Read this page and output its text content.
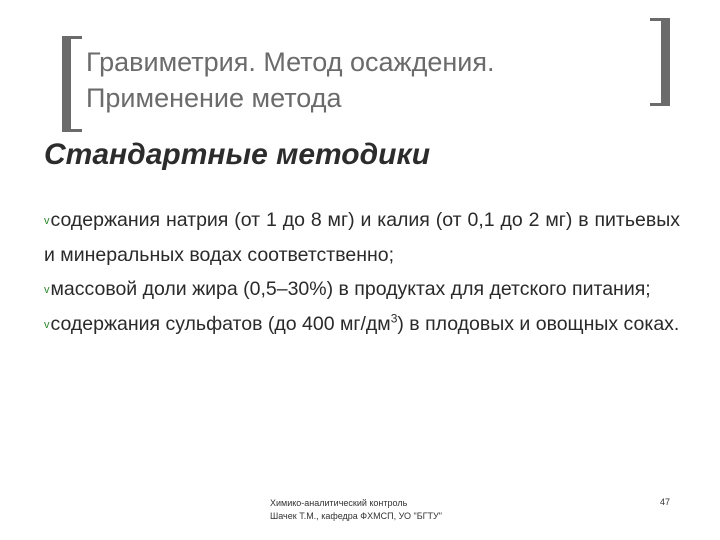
Гравиметрия. Метод осаждения.
Применение метода
Стандартные методики
vсодержания натрия (от 1 до 8 мг) и калия (от 0,1 до 2 мг) в питьевых и минеральных водах соответственно;
vмассовой доли жира (0,5–30%) в продуктах для детского питания;
vсодержания сульфатов (до 400 $мг/дм^3$) в плодовых и овощных соках.
Химико-аналитический контроль
Шачек Т.М., кафедра ФХМСП, УО "БГТУ"
47
